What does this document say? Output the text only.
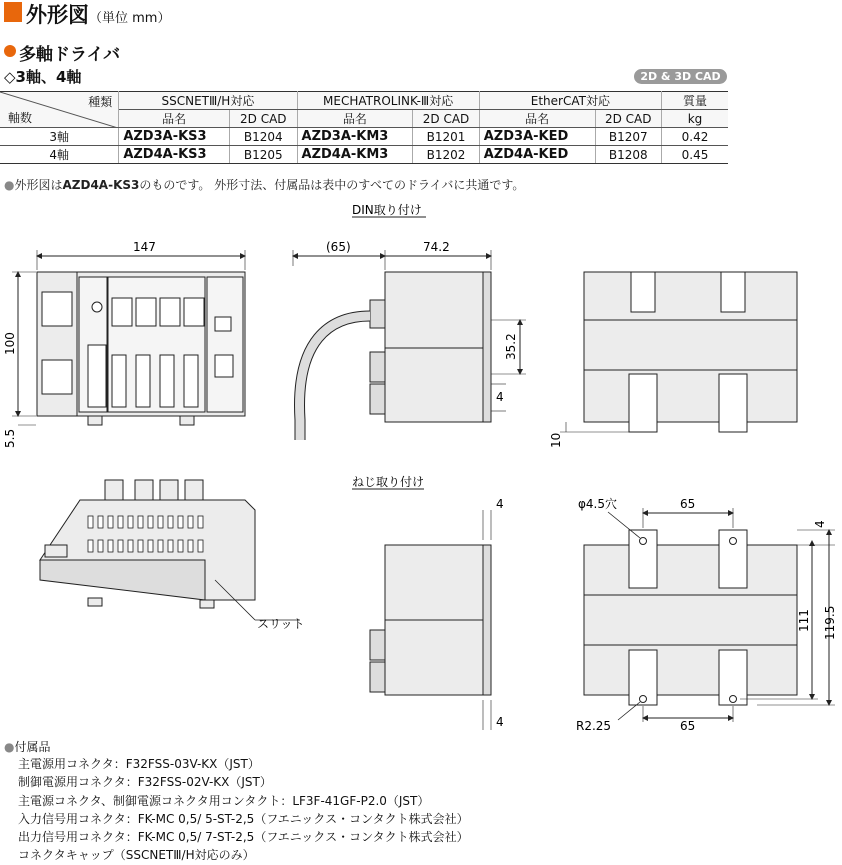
外形図（単位 mm）
多軸ドライバ
◇3軸、4軸	2D & 3D CAD
種類
軸数	SSCNETⅢ/H対応		MECHATROLINK-Ⅲ対応		EtherCAT対応		質量
	品名	2D CAD	品名	2D CAD	品名	2D CAD	kg
3軸	AZD3A-KS3	B1204	AZD3A-KM3	B1201	AZD3A-KED	B1207	0.42
4軸	AZD4A-KS3	B1205	AZD4A-KM3	B1202	AZD4A-KED	B1208	0.45
●外形図はAZD4A-KS3のものです。 外形寸法、付属品は表中のすべてのドライバに共通です。
DIN取り付け
ねじ取り付け
147
100
5.5
(65)	74.2
35.2
4
10
スリット
4
4
65
φ4.5穴
65
R2.25
4
111 119.5
●付属品
主電源用コネクタ：F32FSS-03V-KX（JST）
制御電源用コネクタ：F32FSS-02V-KX（JST）
主電源コネクタ、制御電源コネクタ用コンタクト：LF3F-41GF-P2.0（JST）
入力信号用コネクタ：FK-MC 0,5/ 5-ST-2,5（フエニックス・コンタクト株式会社）
出力信号用コネクタ：FK-MC 0,5/ 7-ST-2,5（フエニックス・コンタクト株式会社）
コネクタキャップ（SSCNETⅢ/H対応のみ）
